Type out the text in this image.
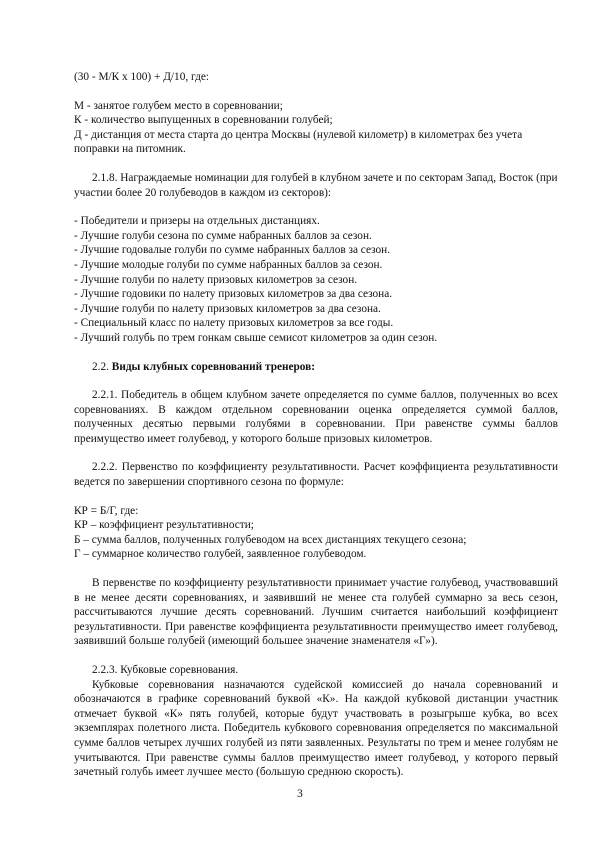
(30 - М/К х 100) + Д/10, где:

М - занятое голубем место в соревновании;

К - количество выпущенных в соревновании голубей;

Д - дистанция от места старта до центра Москвы (нулевой километр) в километрах без учета поправки на питомник.

2.1.8. Награждаемые номинации для голубей в клубном зачете и по секторам Запад, Восток (при участии более 20 голубеводов в каждом из секторов):

- Победители и призеры на отдельных дистанциях.

- Лучшие голуби сезона по сумме набранных баллов за сезон.

- Лучшие годовалые голуби по сумме набранных баллов за сезон.

- Лучшие молодые голуби по сумме набранных баллов за сезон.

- Лучшие голуби по налету призовых километров за сезон.

- Лучшие годовики по налету призовых километров за два сезона.

- Лучшие голуби по налету призовых километров за два сезона.

- Специальный класс по налету призовых километров за все годы.

- Лучший голубь по трем гонкам свыше семисот километров за один сезон.

2.2. Виды клубных соревнований тренеров:

2.2.1. Победитель в общем клубном зачете определяется по сумме баллов, полученных во всех соревнованиях. В каждом отдельном соревновании оценка определяется суммой баллов, полученных десятью первыми голубями в соревновании. При равенстве суммы баллов преимущество имеет голубевод, у которого больше призовых километров.

2.2.2. Первенство по коэффициенту результативности. Расчет коэффициента результативности ведется по завершении спортивного сезона по формуле:

КР = Б/Г, где:

КР – коэффициент результативности;

Б – сумма баллов, полученных голубеводом на всех дистанциях текущего сезона;

Г – суммарное количество голубей, заявленное голубеводом.

В первенстве по коэффициенту результативности принимает участие голубевод, участвовавший в не менее десяти соревнованиях, и заявивший не менее ста голубей суммарно за весь сезон, рассчитываются лучшие десять соревнований. Лучшим считается наибольший коэффициент результативности. При равенстве коэффициента результативности преимущество имеет голубевод, заявивший больше голубей (имеющий большее значение знаменателя «Г»).

2.2.3. Кубковые соревнования.

Кубковые соревнования назначаются судейской комиссией до начала соревнований и обозначаются в графике соревнований буквой «К». На каждой кубковой дистанции участник отмечает буквой «К» пять голубей, которые будут участвовать в розыгрыше кубка, во всех экземплярах полетного листа. Победитель кубкового соревнования определяется по максимальной сумме баллов четырех лучших голубей из пяти заявленных. Результаты по трем и менее голубям не учитываются. При равенстве суммы баллов преимущество имеет голубевод, у которого первый зачетный голубь имеет лучшее место (большую среднюю скорость).

3
